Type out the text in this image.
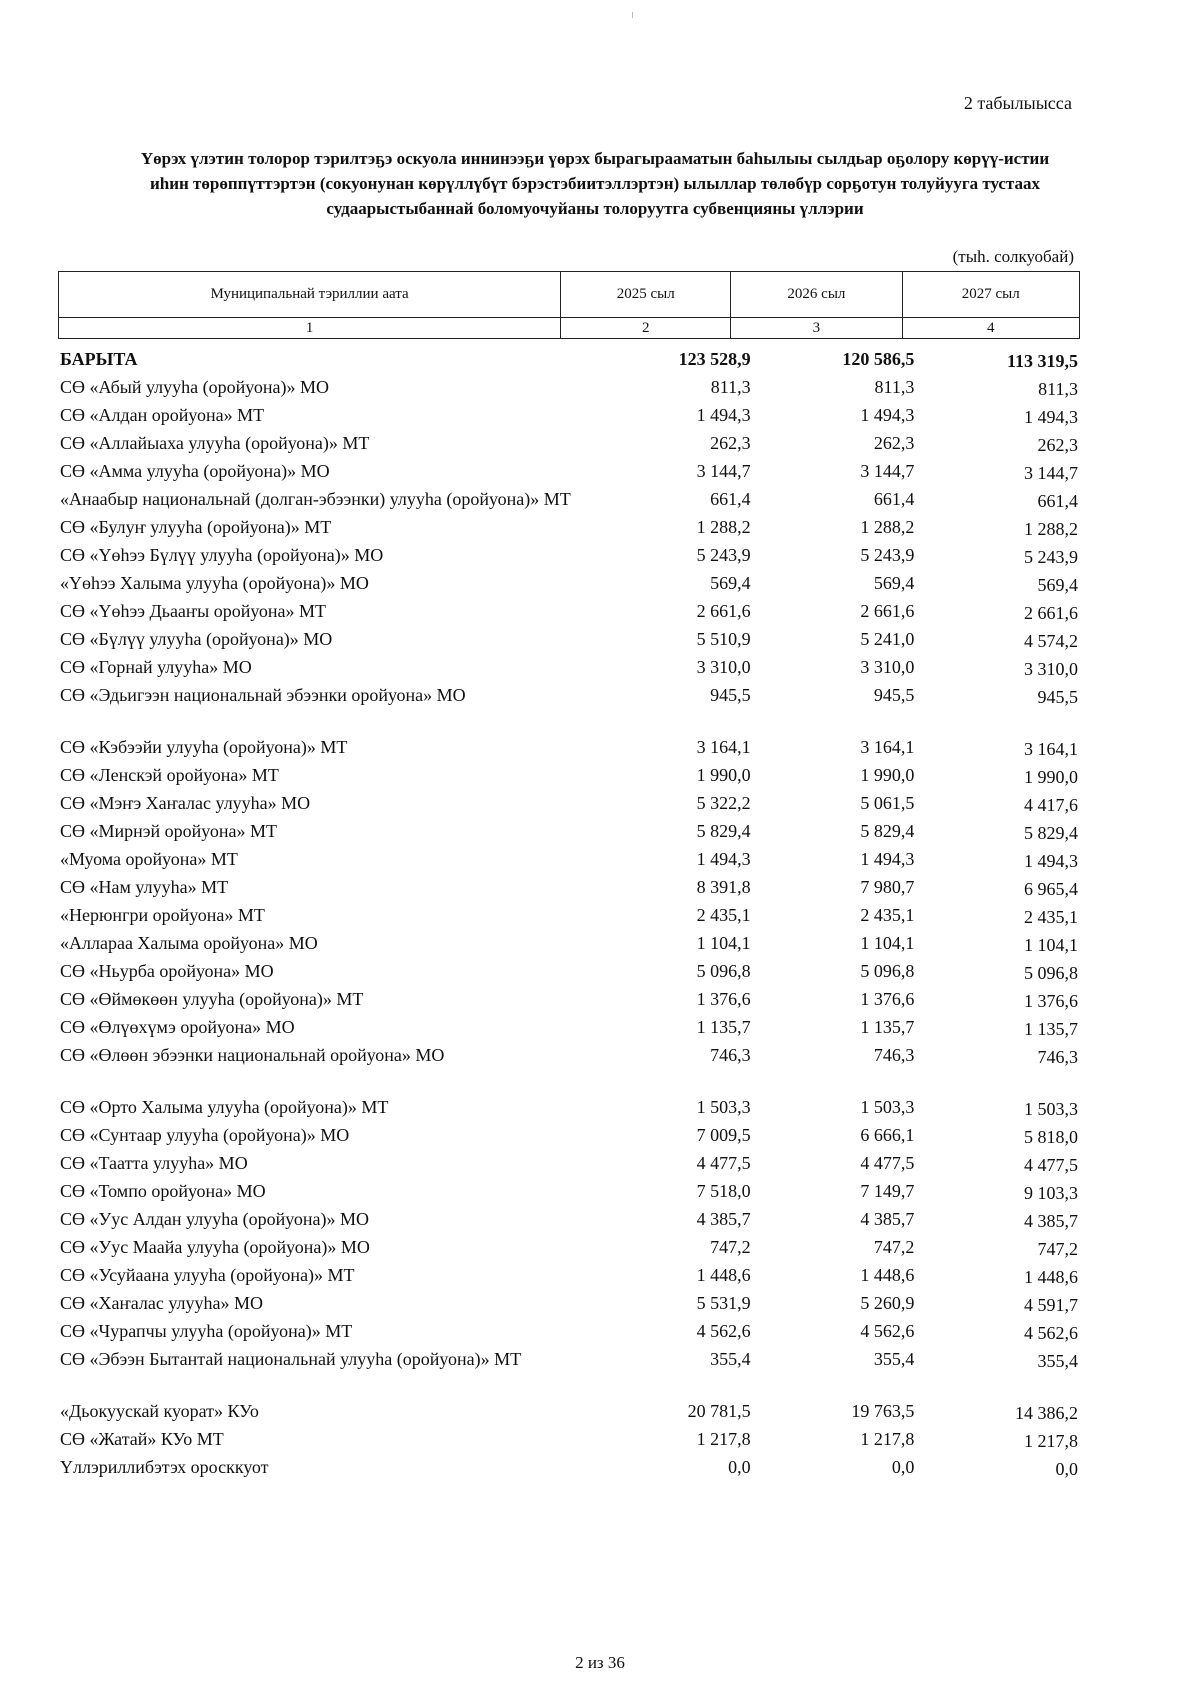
2 табылыысса
Үөрэх үлэтин толорор тэрилтэҕэ оскуола иннинээҕи үөрэх бырагырааматын баһылыы сылдьар оҕолору көрүү-истии
иһин төрөппүттэртэн (сокуонунан көрүллүбүт бэрэстэбиитэллэртэн) ылыллар төлөбүр сорҕотун толуйууга тустаах
судаарыстыбаннай боломуочуйаны толоруутга субвенцияны үллэрии
(тыһ. солкуобай)
Муниципальнай тэриллии аата	2025 сыл	2026 сыл	2027 сыл
1	2	3	4
БАРЫТА	123 528,9	120 586,5	113 319,5
СӨ «Абый улууһа (оройуона)» МО	811,3	811,3	811,3
СӨ «Алдан оройуона» МТ	1 494,3	1 494,3	1 494,3
СӨ «Аллайыаха улууһа (оройуона)» МТ	262,3	262,3	262,3
СӨ «Амма улууһа (оройуона)» МО	3 144,7	3 144,7	3 144,7
«Анаабыр национальнай (долган-эбээнки) улууһа (оройуона)» МТ	661,4	661,4	661,4
СӨ «Булуҥ улууһа (оройуона)» МТ	1 288,2	1 288,2	1 288,2
СӨ «Үөһээ Бүлүү улууһа (оройуона)» МО	5 243,9	5 243,9	5 243,9
«Үөһээ Халыма улууһа (оройуона)» МО	569,4	569,4	569,4
СӨ «Үөһээ Дьааҥы оройуона» МТ	2 661,6	2 661,6	2 661,6
СӨ «Бүлүү улууһа (оройуона)» МО	5 510,9	5 241,0	4 574,2
СӨ «Горнай улууһа» МО	3 310,0	3 310,0	3 310,0
СӨ «Эдьигээн национальнай эбээнки оройуона» МО	945,5	945,5	945,5
СӨ «Кэбээйи улууһа (оройуона)» МТ	3 164,1	3 164,1	3 164,1
СӨ «Ленскэй оройуона» МТ	1 990,0	1 990,0	1 990,0
СӨ «Мэҥэ Хаҥалас улууһа» МО	5 322,2	5 061,5	4 417,6
СӨ «Мирнэй оройуона» МТ	5 829,4	5 829,4	5 829,4
«Муома оройуона» МТ	1 494,3	1 494,3	1 494,3
СӨ «Нам улууһа» МТ	8 391,8	7 980,7	6 965,4
«Нерюнгри оройуона» МТ	2 435,1	2 435,1	2 435,1
«Аллараа Халыма оройуона» МО	1 104,1	1 104,1	1 104,1
СӨ «Ньурба оройуона» МО	5 096,8	5 096,8	5 096,8
СӨ «Өймөкөөн улууһа (оройуона)» МТ	1 376,6	1 376,6	1 376,6
СӨ «Өлүөхүмэ оройуона» МО	1 135,7	1 135,7	1 135,7
СӨ «Өлөөн эбээнки национальнай оройуона» МО	746,3	746,3	746,3
СӨ «Орто Халыма улууһа (оройуона)» МТ	1 503,3	1 503,3	1 503,3
СӨ «Сунтаар улууһа (оройуона)» МО	7 009,5	6 666,1	5 818,0
СӨ «Таатта улууһа» МО	4 477,5	4 477,5	4 477,5
СӨ «Томпо оройуона» МО	7 518,0	7 149,7	9 103,3
СӨ «Уус Алдан улууһа (оройуона)» МО	4 385,7	4 385,7	4 385,7
СӨ «Уус Маайа улууһа (оройуона)» МО	747,2	747,2	747,2
СӨ «Усуйаана улууһа (оройуона)» МТ	1 448,6	1 448,6	1 448,6
СӨ «Хаҥалас улууһа» МО	5 531,9	5 260,9	4 591,7
СӨ «Чурапчы улууһа (оройуона)» МТ	4 562,6	4 562,6	4 562,6
СӨ «Эбээн Бытантай национальнай улууһа (оройуона)» МТ	355,4	355,4	355,4
«Дьокуускай куорат» КУо	20 781,5	19 763,5	14 386,2
СӨ «Жатай» КУо МТ	1 217,8	1 217,8	1 217,8
Үллэриллибэтэх оросккуот	0,0	0,0	0,0
2 из 36
